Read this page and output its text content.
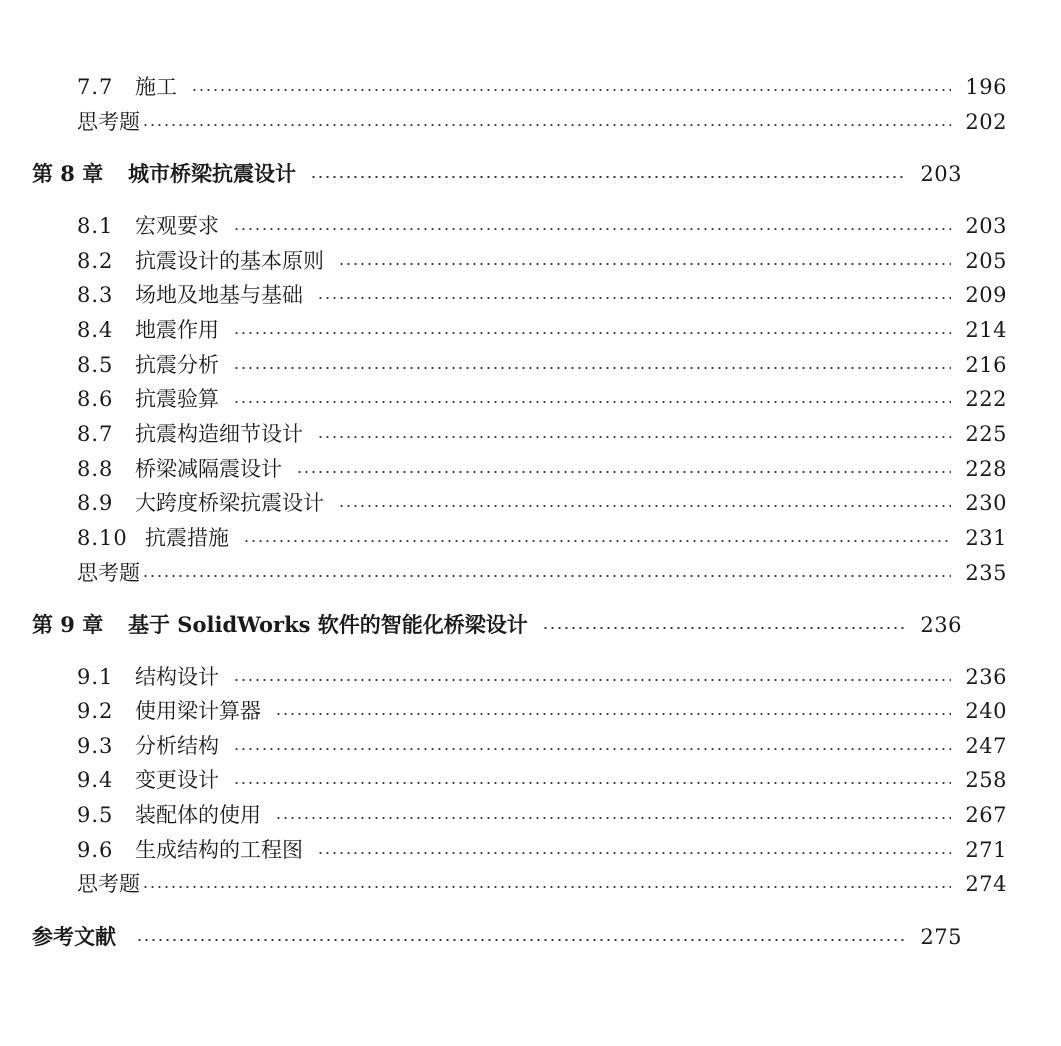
7.7	施工	196
思考题	202
第 8 章	城市桥梁抗震设计	203
8.1	宏观要求	203
8.2	抗震设计的基本原则	205
8.3	场地及地基与基础	209
8.4	地震作用	214
8.5	抗震分析	216
8.6	抗震验算	222
8.7	抗震构造细节设计	225
8.8	桥梁减隔震设计	228
8.9	大跨度桥梁抗震设计	230
8.10 抗震措施	231
思考题	235
第 9 章	基于 SolidWorks 软件的智能化桥梁设计	236
9.1	结构设计	236
9.2	使用梁计算器	240
9.3	分析结构	247
9.4	变更设计	258
9.5	装配体的使用	267
9.6	生成结构的工程图	271
思考题	274
参考文献	275
